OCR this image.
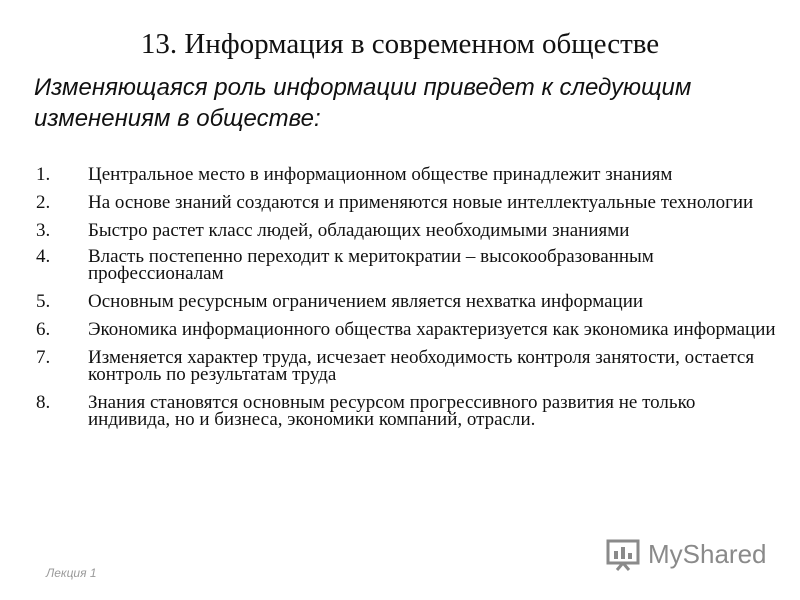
13. Информация в современном обществе
Изменяющаяся роль информации приведет к следующим изменениям в обществе:
1. Центральное место в информационном обществе принадлежит знаниям
2. На основе знаний создаются и применяются новые интеллектуальные технологии
3. Быстро растет класс людей, обладающих необходимыми знаниями
4. Власть постепенно переходит к меритократии – высокообразованным профессионалам
5. Основным ресурсным ограничением является нехватка информации
6. Экономика информационного общества характеризуется как экономика информации
7. Изменяется характер труда, исчезает необходимость контроля занятости, остается контроль по результатам труда
8. Знания становятся основным ресурсом прогрессивного развития не только индивида, но и бизнеса, экономики компаний, отрасли.
Лекция 1
MyShared
